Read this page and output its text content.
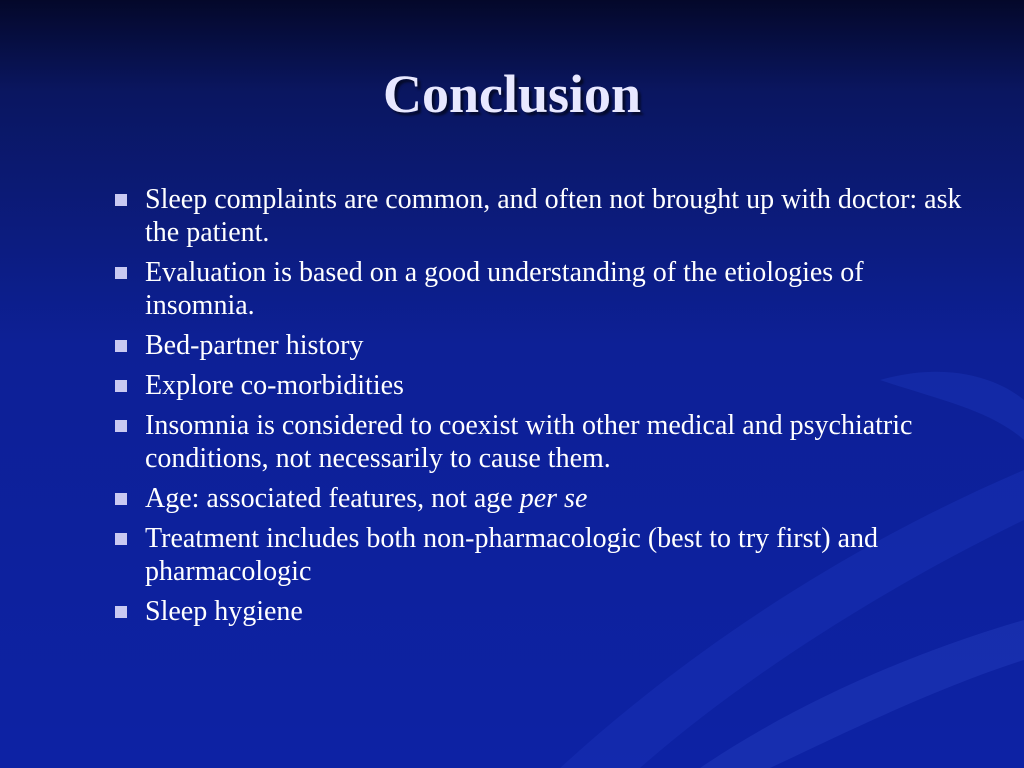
Conclusion
Sleep complaints are common, and often not brought up with doctor: ask the patient.
Evaluation is based on a good understanding of the etiologies of insomnia.
Bed-partner history
Explore co-morbidities
Insomnia is considered to coexist with other medical and psychiatric conditions, not necessarily to cause them.
Age: associated features, not age per se
Treatment includes both non-pharmacologic (best to try first) and pharmacologic
Sleep hygiene
